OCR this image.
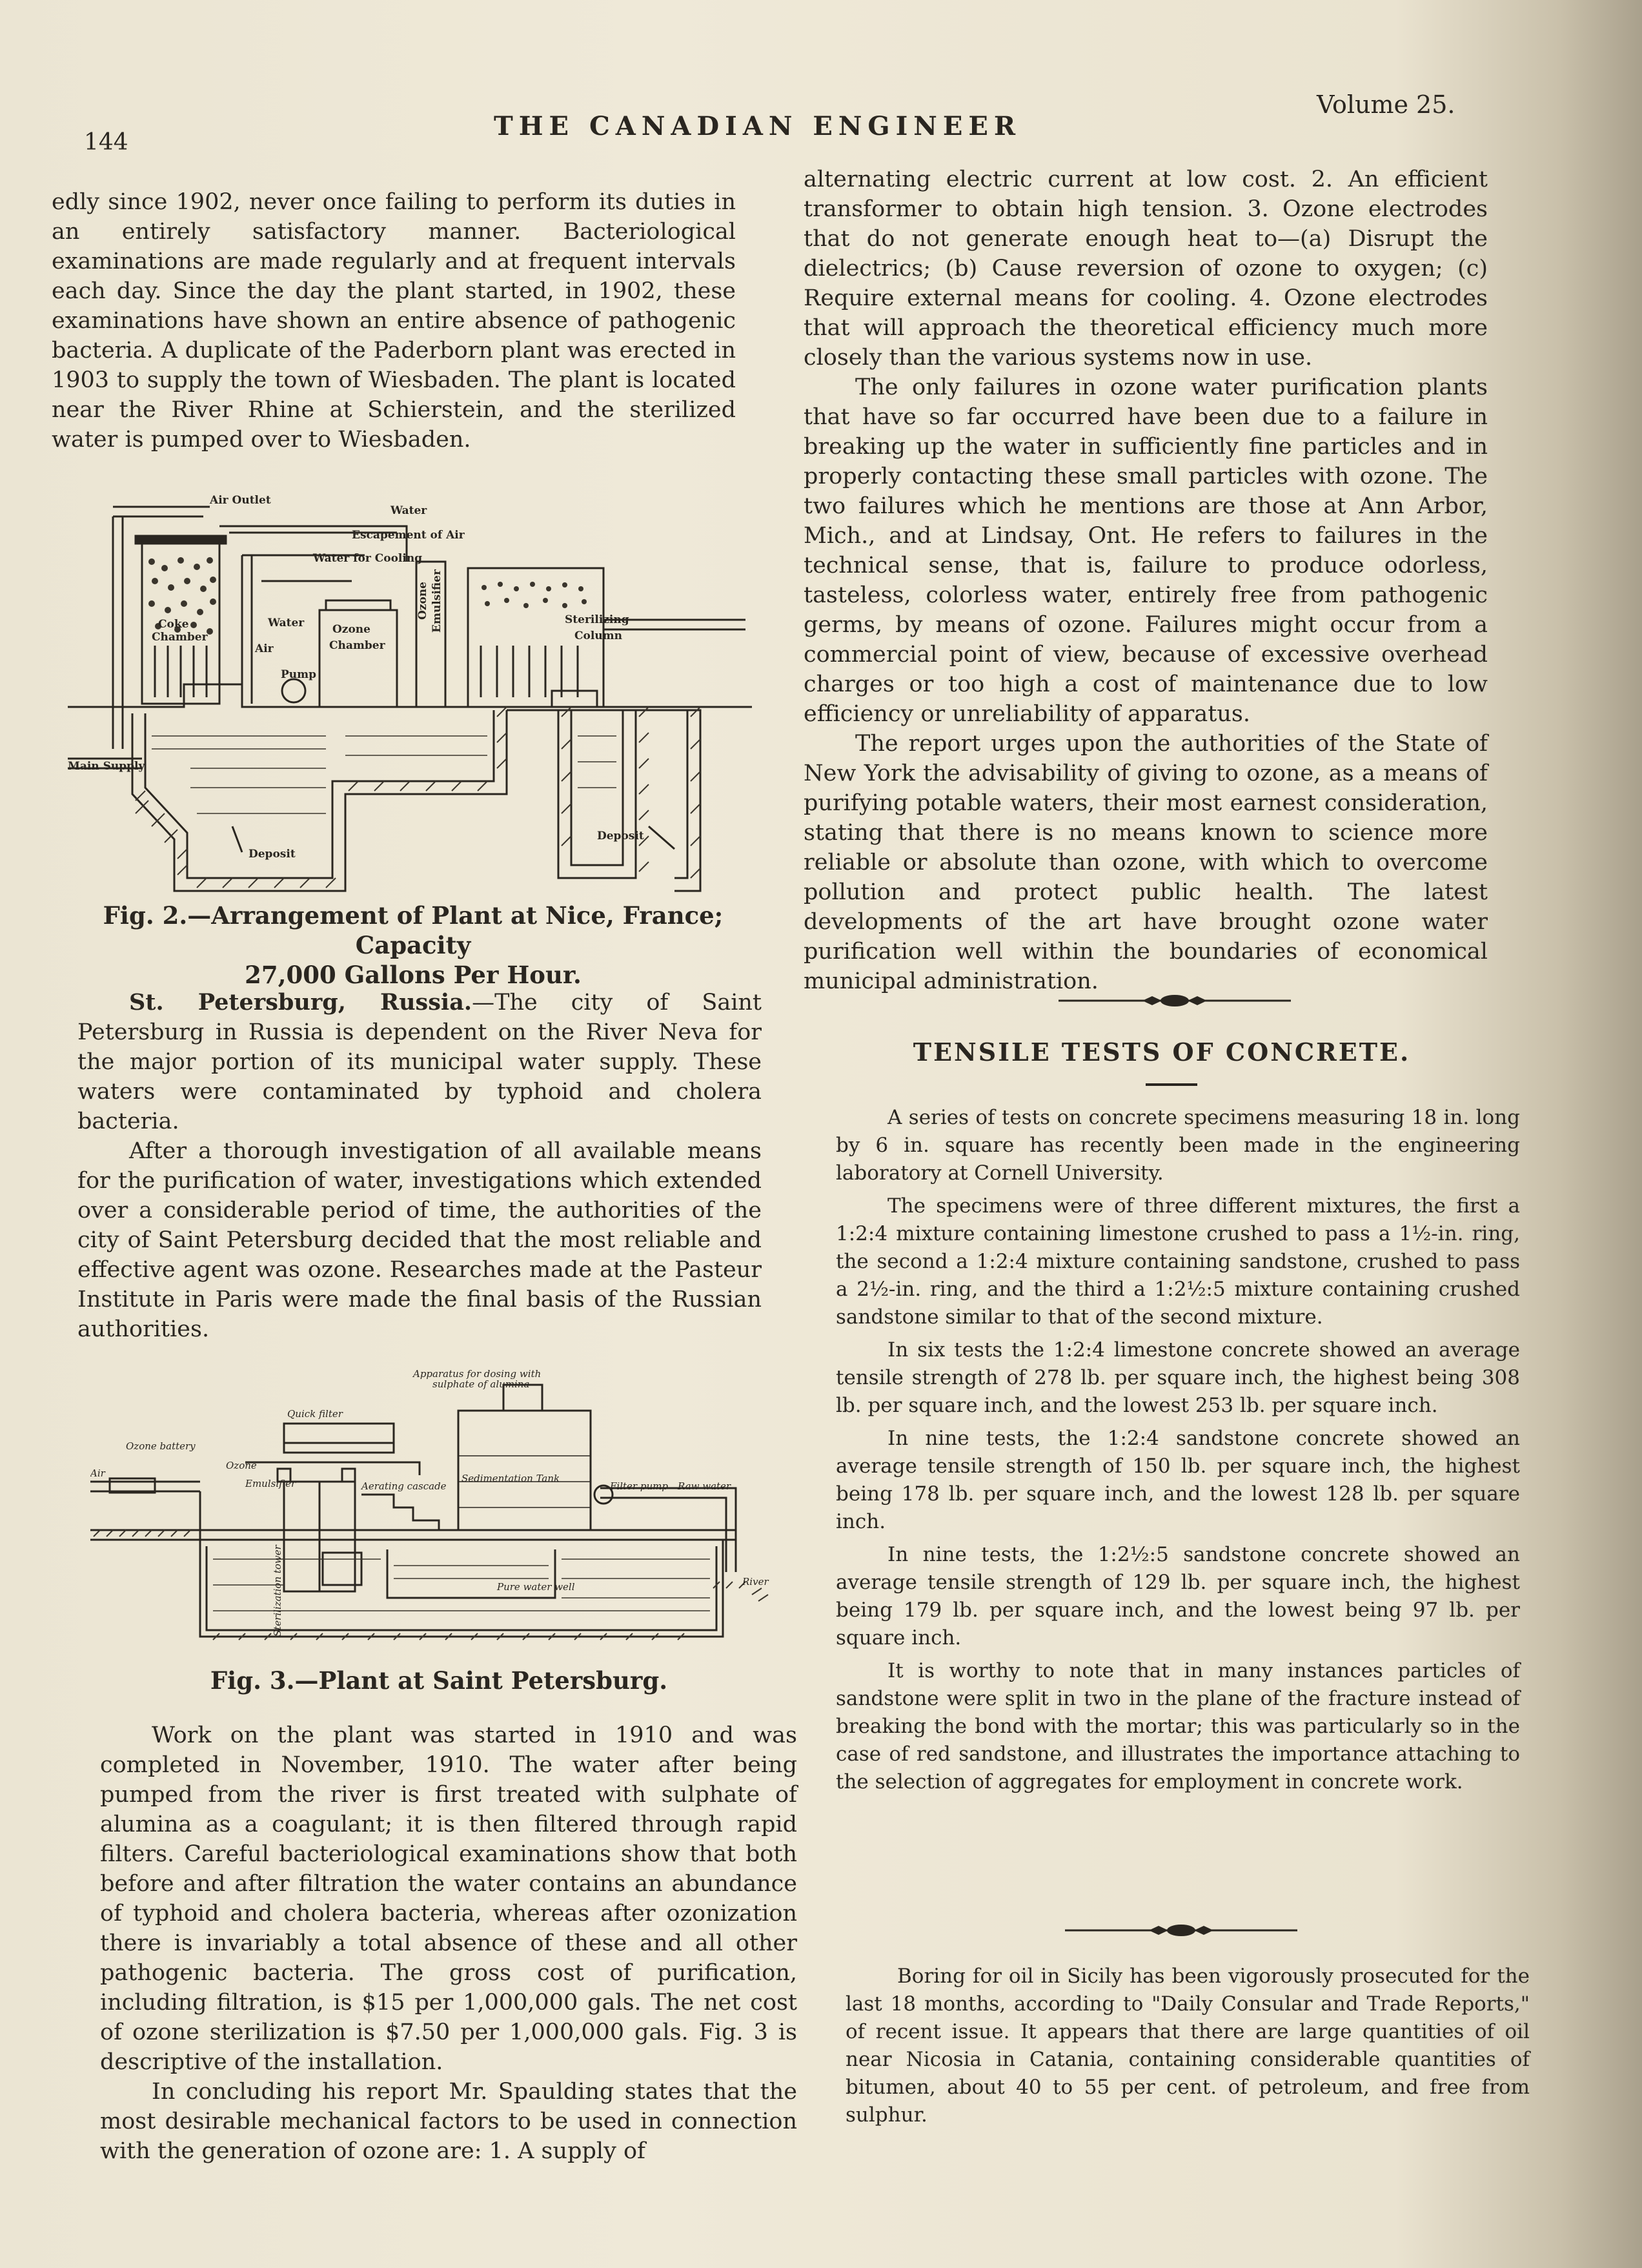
144
THE CANADIAN ENGINEER
Volume 25.

edly since 1902, never once failing to perform its duties in an entirely satisfactory manner. Bacteriological examinations are made regularly and at frequent intervals each day. Since the day the plant started, in 1902, these examinations have shown an entire absence of pathogenic bacteria. A duplicate of the Paderborn plant was erected in 1903 to supply the town of Wiesbaden. The plant is located near the River Rhine at Schierstein, and the sterilized water is pumped over to Wiesbaden.

Air Outlet
Water
Escapement of Air
Water for Cooling
Coke
Chamber
Water
Air
Pump
Ozone
Chamber
Ozone Emulsifier	Sterilizing
Column
Main Supply
Deposit
Deposit
Fig. 2.—Arrangement of Plant at Nice, France; Capacity
27,000 Gallons Per Hour.

St. Petersburg, Russia.—The city of Saint Petersburg in Russia is dependent on the River Neva for the major portion of its municipal water supply. These waters were contaminated by typhoid and cholera bacteria.

After a thorough investigation of all available means for the purification of water, investigations which extended over a considerable period of time, the authorities of the city of Saint Petersburg decided that the most reliable and effective agent was ozone. Researches made at the Pasteur Institute in Paris were made the final basis of the Russian authorities.

Apparatus for dosing with
sulphate of alumina
Quick filter
Ozone battery
Air
Ozone
Emulsifier	Aerating cascade
Sedimentation Tank
Filter pump Raw water
Sterilization tower	Pure water well	River
Fig. 3.—Plant at Saint Petersburg.

Work on the plant was started in 1910 and was completed in November, 1910. The water after being pumped from the river is first treated with sulphate of alumina as a coagulant; it is then filtered through rapid filters. Careful bacteriological examinations show that both before and after filtration the water contains an abundance of typhoid and cholera bacteria, whereas after ozonization there is invariably a total absence of these and all other pathogenic bacteria. The gross cost of purification, including filtration, is $15 per 1,000,000 gals. The net cost of ozone sterilization is $7.50 per 1,000,000 gals. Fig. 3 is descriptive of the installation.

In concluding his report Mr. Spaulding states that the most desirable mechanical factors to be used in connection with the generation of ozone are: 1. A supply of

alternating electric current at low cost. 2. An efficient transformer to obtain high tension. 3. Ozone electrodes that do not generate enough heat to—(a) Disrupt the dielectrics; (b) Cause reversion of ozone to oxygen; (c) Require external means for cooling. 4. Ozone electrodes that will approach the theoretical efficiency much more closely than the various systems now in use.

The only failures in ozone water purification plants that have so far occurred have been due to a failure in breaking up the water in sufficiently fine particles and in properly contacting these small particles with ozone. The two failures which he mentions are those at Ann Arbor, Mich., and at Lindsay, Ont. He refers to failures in the technical sense, that is, failure to produce odorless, tasteless, colorless water, entirely free from pathogenic germs, by means of ozone. Failures might occur from a commercial point of view, because of excessive overhead charges or too high a cost of maintenance due to low efficiency or unreliability of apparatus.

The report urges upon the authorities of the State of New York the advisability of giving to ozone, as a means of purifying potable waters, their most earnest consideration, stating that there is no means known to science more reliable or absolute than ozone, with which to overcome pollution and protect public health. The latest developments of the art have brought ozone water purification well within the boundaries of economical municipal administration.

TENSILE TESTS OF CONCRETE.

A series of tests on concrete specimens measuring 18 in. long by 6 in. square has recently been made in the engineering laboratory at Cornell University.

The specimens were of three different mixtures, the first a 1:2:4 mixture containing limestone crushed to pass a 1½-in. ring, the second a 1:2:4 mixture containing sandstone, crushed to pass a 2½-in. ring, and the third a 1:2½:5 mixture containing crushed sandstone similar to that of the second mixture.

In six tests the 1:2:4 limestone concrete showed an average tensile strength of 278 lb. per square inch, the highest being 308 lb. per square inch, and the lowest 253 lb. per square inch.

In nine tests, the 1:2:4 sandstone concrete showed an average tensile strength of 150 lb. per square inch, the highest being 178 lb. per square inch, and the lowest 128 lb. per square inch.

In nine tests, the 1:2½:5 sandstone concrete showed an average tensile strength of 129 lb. per square inch, the highest being 179 lb. per square inch, and the lowest being 97 lb. per square inch.

It is worthy to note that in many instances particles of sandstone were split in two in the plane of the fracture instead of breaking the bond with the mortar; this was particularly so in the case of red sandstone, and illustrates the importance attaching to the selection of aggregates for employment in concrete work.

Boring for oil in Sicily has been vigorously prosecuted for the last 18 months, according to "Daily Consular and Trade Reports," of recent issue. It appears that there are large quantities of oil near Nicosia in Catania, containing considerable quantities of bitumen, about 40 to 55 per cent. of petroleum, and free from sulphur.
